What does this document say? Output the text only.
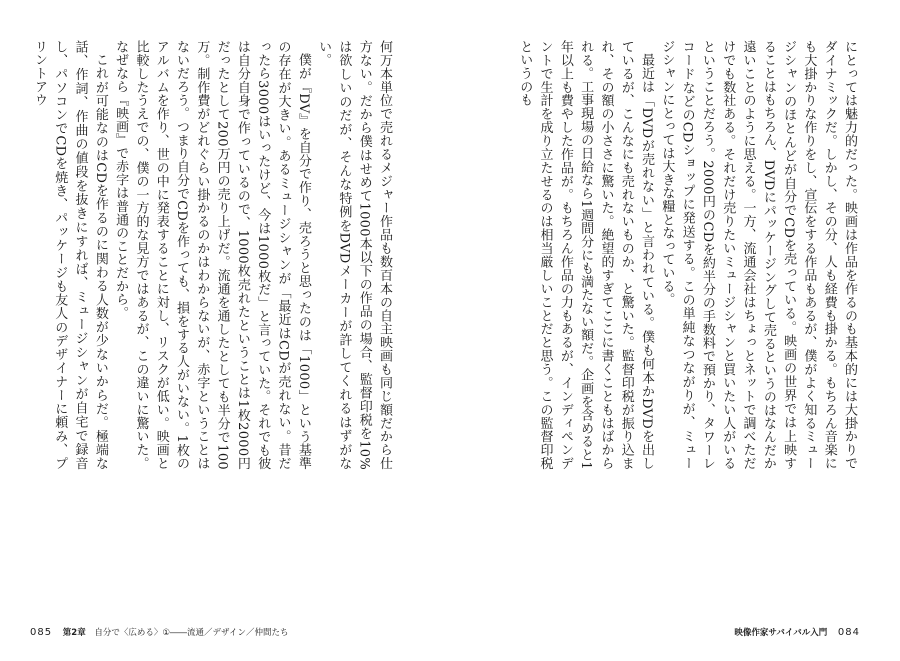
何万本単位で売れるメジャー作品も数百本の自主映画も同じ額だから仕方ない。だから僕はせめて1000本以下の作品の場合、監督印税を10%は欲しいのだが、そんな特例をDVDメーカーが許してくれるはずがない。

僕が『DV』を自分で作り、売ろうと思ったのは「1000」という基準の存在が大きい。あるミュージシャンが「最近はCDが売れない。昔だったら3000はいったけど、今は1000枚だ」と言っていた。それでも彼は自分自身で作っているので、1000枚売れたということは1枚2000円だったとして200万円の売り上げだ。流通を通したとしても半分で100万。制作費がどれぐらい掛かるのかはわからないが、赤字ということはないだろう。つまり自分でCDを作っても、損をする人がいない。1枚のアルバムを作り、世の中に発表することに対し、リスクが低い。映画と比較したうえでの、僕の一方的な見方ではあるが、この違いに驚いた。なぜなら『映画』で赤字は普通のことだから。

これが可能なのはCDを作るのに関わる人数が少ないからだ。極端な話、作詞、作曲の値段を抜きにすれば、ミュージシャンが自宅で録音し、パソコンでCDを焼き、パッケージも友人のデザイナーに頼み、プリントアウ

085 第2章 自分で〈広める〉①――流通／デザイン／仲間たち

にとっては魅力的だった。映画は作品を作るのも基本的には大掛かりでダイナミックだ。しかし、その分、人も経費も掛かる。もちろん音楽にも大掛かりな作りをし、宣伝をする作品もあるが、僕がよく知るミュージシャンのほとんどが自分でCDを売っている。映画の世界では上映することはもちろん、DVDにパッケージングして売るというのはなんだか遠いことのように思える。一方、流通会社はちょっとネットで調べただけでも数社ある。それだけ売りたいミュージシャンと買いたい人がいるということだろう。2000円のCDを約半分の手数料で預かり、タワーレコードなどのCDショップに発送する。この単純なつながりが、ミュージシャンにとっては大きな糧となっている。

最近は「DVDが売れない」と言われている。僕も何本かDVDを出しているが、こんなにも売れないものか、と驚いた。監督印税が振り込まれ、その額の小ささに驚いた。絶望的すぎてここに書くこともはばかられる。工事現場の日給なら1週間分にも満たない額だ。企画を含めると1年以上も費やした作品が。もちろん作品の力もあるが、インディペンデントで生計を成り立たせるのは相当厳しいことだと思う。この監督印税というのも

映像作家サバイバル入門 084
